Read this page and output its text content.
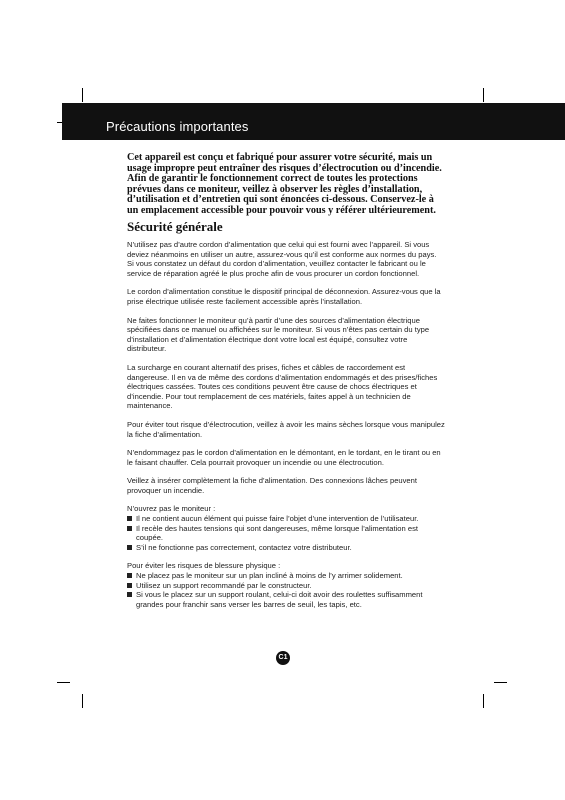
Précautions importantes
Cet appareil est conçu et fabriqué pour assurer votre sécurité, mais un usage impropre peut entraîner des risques d’électrocution ou d’incendie. Afin de garantir le fonctionnement correct de toutes les protections prévues dans ce moniteur, veillez à observer les règles d’installation, d’utilisation et d’entretien qui sont énoncées ci-dessous. Conservez-le à un emplacement accessible pour pouvoir vous y référer ultérieurement.
Sécurité générale

N’utilisez pas d’autre cordon d’alimentation que celui qui est fourni avec l’appareil. Si vous deviez néanmoins en utiliser un autre, assurez-vous qu’il est conforme aux normes du pays. Si vous constatez un défaut du cordon d’alimentation, veuillez contacter le fabricant ou le service de réparation agréé le plus proche afin de vous procurer un cordon fonctionnel.

Le cordon d’alimentation constitue le dispositif principal de déconnexion. Assurez-vous que la prise électrique utilisée reste facilement accessible après l’installation.

Ne faites fonctionner le moniteur qu’à partir d’une des sources d’alimentation électrique spécifiées dans ce manuel ou affichées sur le moniteur. Si vous n’êtes pas certain du type d’installation et d’alimentation électrique dont votre local est équipé, consultez votre distributeur.

La surcharge en courant alternatif des prises, fiches et câbles de raccordement est dangereuse. Il en va de même des cordons d’alimentation endommagés et des prises/fiches électriques cassées. Toutes ces conditions peuvent être cause de chocs électriques et d’incendie. Pour tout remplacement de ces matériels, faites appel à un technicien de maintenance.

Pour éviter tout risque d’électrocution, veillez à avoir les mains sèches lorsque vous manipulez la fiche d’alimentation.

N’endommagez pas le cordon d’alimentation en le démontant, en le tordant, en le tirant ou en le faisant chauffer. Cela pourrait provoquer un incendie ou une électrocution.

Veillez à insérer complètement la fiche d’alimentation. Des connexions lâches peuvent provoquer un incendie.

N’ouvrez pas le moniteur :
Il ne contient aucun élément qui puisse faire l’objet d’une intervention de l’utilisateur.
Il recèle des hautes tensions qui sont dangereuses, même lorsque l’alimentation est coupée.
S’il ne fonctionne pas correctement, contactez votre distributeur.
Pour éviter les risques de blessure physique :
Ne placez pas le moniteur sur un plan incliné à moins de l’y arrimer solidement.
Utilisez un support recommandé par le constructeur.
Si vous le placez sur un support roulant, celui-ci doit avoir des roulettes suffisamment grandes pour franchir sans verser les barres de seuil, les tapis, etc.
C1
